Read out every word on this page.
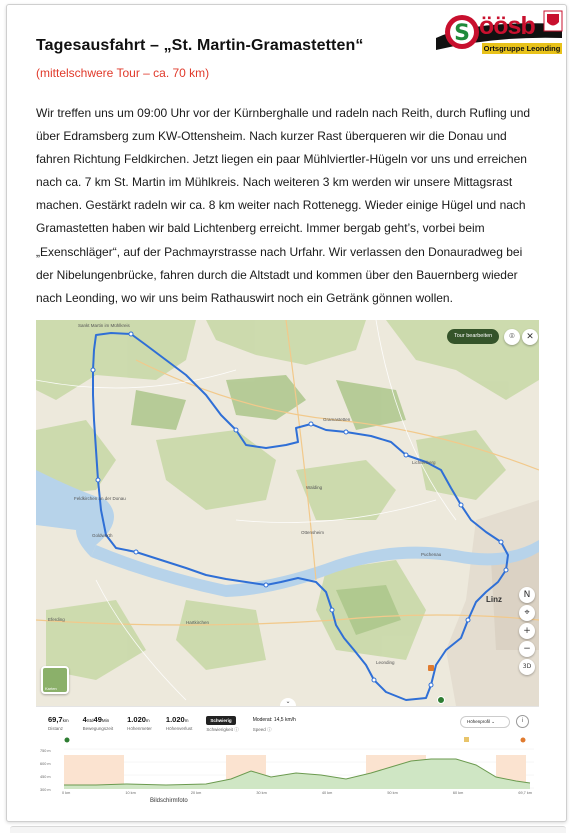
S öösb
Ortsgruppe Leonding
Tagesausfahrt – „St. Martin-Gramastetten“
(mittelschwere Tour – ca. 70 km)

Wir treffen uns um 09:00 Uhr vor der Kürnberghalle und radeln nach Reith, durch Rufling und über Edramsberg zum KW-Ottensheim. Nach kurzer Rast überqueren wir die Donau und fahren Richtung Feldkirchen. Jetzt liegen ein paar Mühlviertler-Hügeln vor uns und erreichen nach ca. 7 km St. Martin im Mühlkreis. Nach weiteren 3 km werden wir unsere Mittagsrast machen. Gestärkt radeln wir ca. 8 km weiter nach Rottenegg. Wieder einige Hügel und nach Gramastetten haben wir bald Lichtenberg erreicht. Immer bergab geht’s, vorbei beim „Exenschläger“, auf der Pachmayrstrasse nach Urfahr. Wir verlassen den Donauradweg bei der Nibelungenbrücke, fahren durch die Altstadt und kommen über den Bauernberg wieder nach Leonding, wo wir uns beim Rathauswirt noch ein Getränk gönnen wollen.

Sankt Martin im Mühlkreis
Gramastetten
Feldkirchen an der Donau
Goldwörth
Ottensheim
Eferding
Lichtenberg
Walding
Puchenau
Hartkirchen
Leonding
Linz
Tour bearbeiten	⌾	✕
N
⌖
+
−
3D
Karten
⌄
69,7km
Distanz
4Std49Min
Bewegungszeit
1.020m
Höhenmeter
1.020m
Höhenverlust
Schwierig
Schwierigkeit ⓘ
Moderat: 14,5 km/h
Speed ⓘ
Höhenprofil ⌄	i
750 m
600 m
450 m
300 m
0 km	10 km	20 km	30 km	40 km	50 km	60 km	69,7 km
Bildschirmfoto
